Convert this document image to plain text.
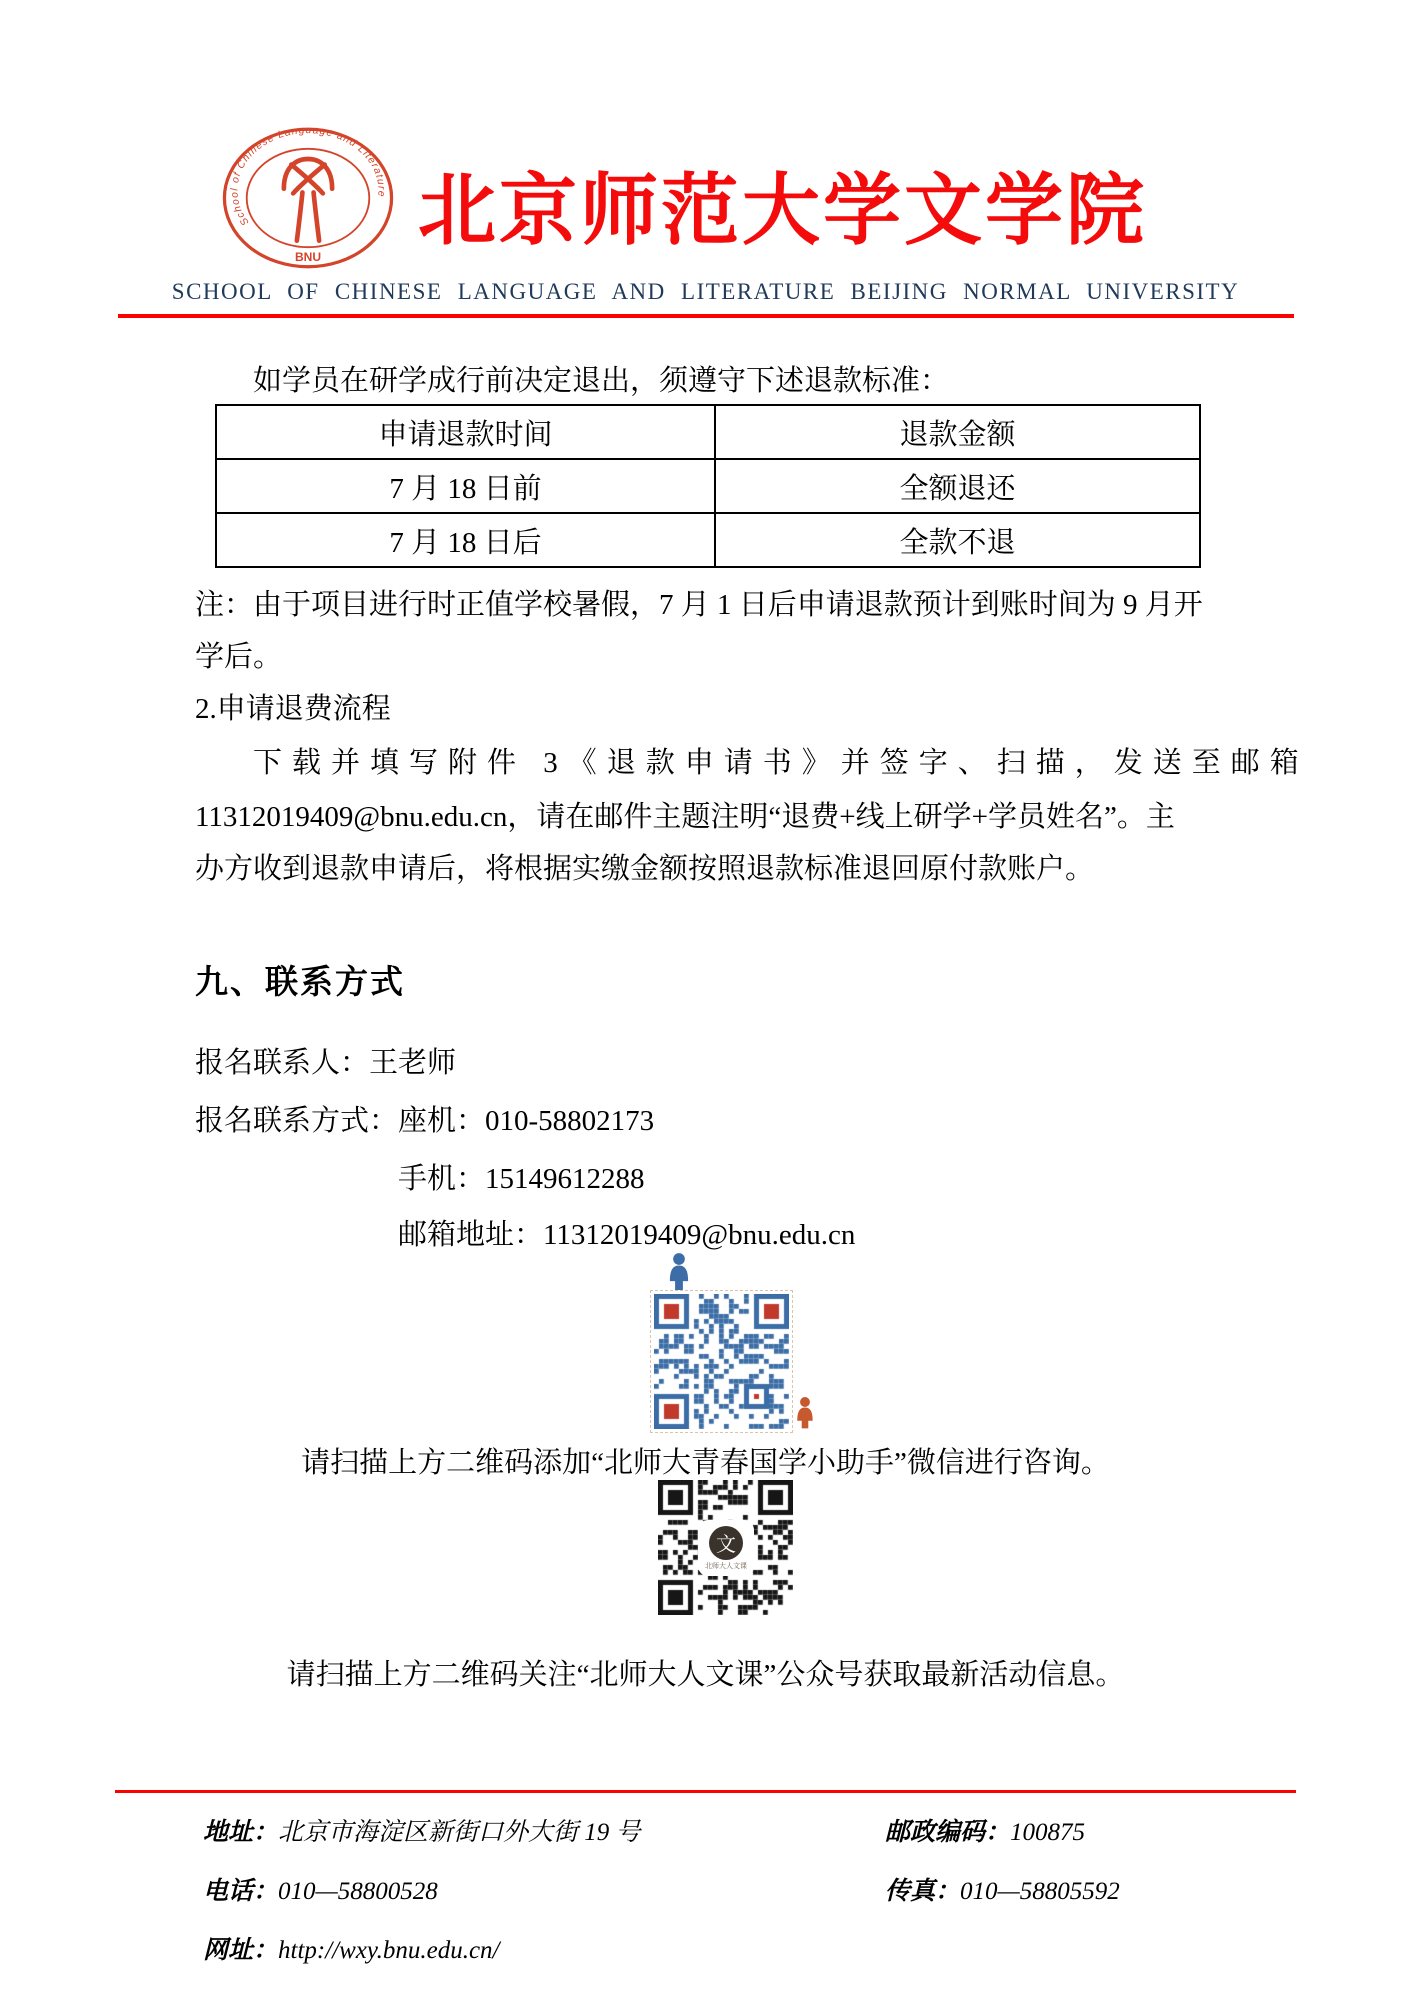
School of Chinese Language and Literature
BNU
北京师范大学文学院
SCHOOL OF CHINESE LANGUAGE AND LITERATURE BEIJING NORMAL UNIVERSITY
如学员在研学成行前决定退出，须遵守下述退款标准：
申请退款时间	退款金额
7 月 18 日前	全额退还
7 月 18 日后	全款不退
注：由于项目进行时正值学校暑假，7 月 1 日后申请退款预计到账时间为 9 月开
学后。
2.申请退费流程
下载并填写附件 3《退款申请书》并签字、扫描，发送至邮箱
11312019409@bnu.edu.cn，请在邮件主题注明“退费+线上研学+学员姓名”。主
办方收到退款申请后，将根据实缴金额按照退款标准退回原付款账户。
九、联系方式
报名联系人：王老师
报名联系方式：座机：010-58802173
手机：15149612288
邮箱地址：11312019409@bnu.edu.cn
请扫描上方二维码添加“北师大青春国学小助手”微信进行咨询。
文
北师大人文课
请扫描上方二维码关注“北师大人文课”公众号获取最新活动信息。
地址：北京市海淀区新街口外大街 19 号	邮政编码：100875
电话：010—58800528	传真：010—58805592
网址：http://wxy.bnu.edu.cn/
